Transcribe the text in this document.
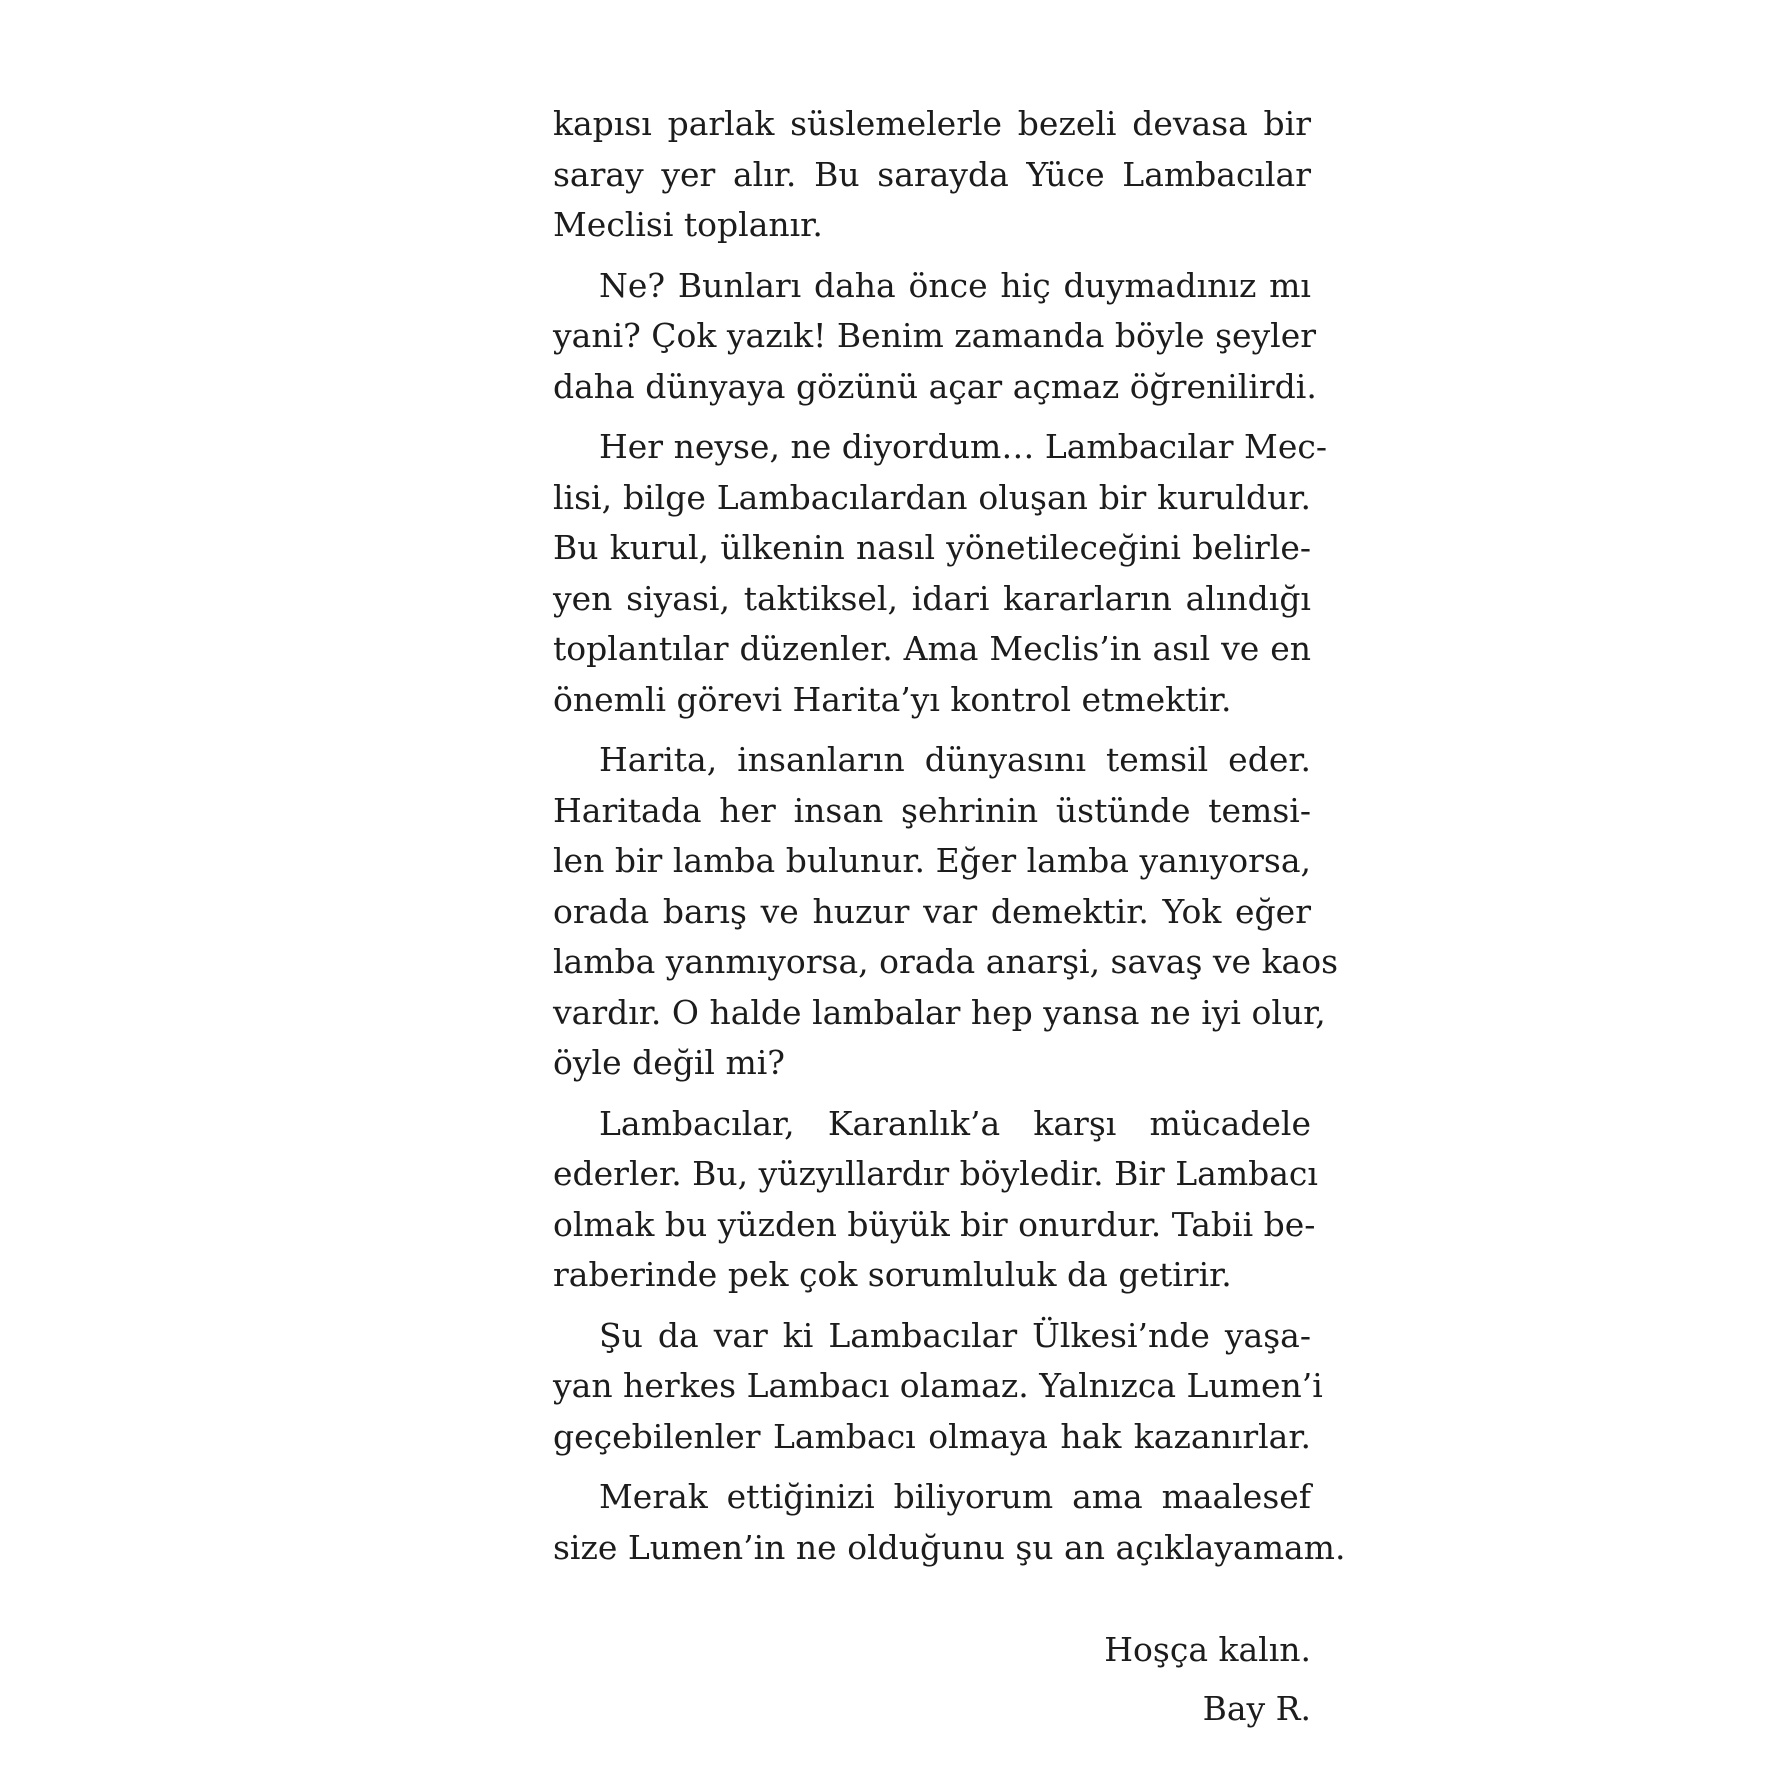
kapısı parlak süslemelerle bezeli devasa bir
saray yer alır. Bu sarayda Yüce Lambacılar
Meclisi toplanır.
Ne? Bunları daha önce hiç duymadınız mı
yani? Çok yazık! Benim zamanda böyle şeyler
daha dünyaya gözünü açar açmaz öğrenilirdi.
Her neyse, ne diyordum… Lambacılar Mec-
lisi, bilge Lambacılardan oluşan bir kuruldur.
Bu kurul, ülkenin nasıl yönetileceğini belirle-
yen siyasi, taktiksel, idari kararların alındığı
toplantılar düzenler. Ama Meclis’in asıl ve en
önemli görevi Harita’yı kontrol etmektir.
Harita, insanların dünyasını temsil eder.
Haritada her insan şehrinin üstünde temsi-
len bir lamba bulunur. Eğer lamba yanıyorsa,
orada barış ve huzur var demektir. Yok eğer
lamba yanmıyorsa, orada anarşi, savaş ve kaos
vardır. O halde lambalar hep yansa ne iyi olur,
öyle değil mi?
Lambacılar, Karanlık’a karşı mücadele
ederler. Bu, yüzyıllardır böyledir. Bir Lambacı
olmak bu yüzden büyük bir onurdur. Tabii be-
raberinde pek çok sorumluluk da getirir.
Şu da var ki Lambacılar Ülkesi’nde yaşa-
yan herkes Lambacı olamaz. Yalnızca Lumen’i
geçebilenler Lambacı olmaya hak kazanırlar.
Merak ettiğinizi biliyorum ama maalesef
size Lumen’in ne olduğunu şu an açıklayamam.
Hoşça kalın.
Bay R.
